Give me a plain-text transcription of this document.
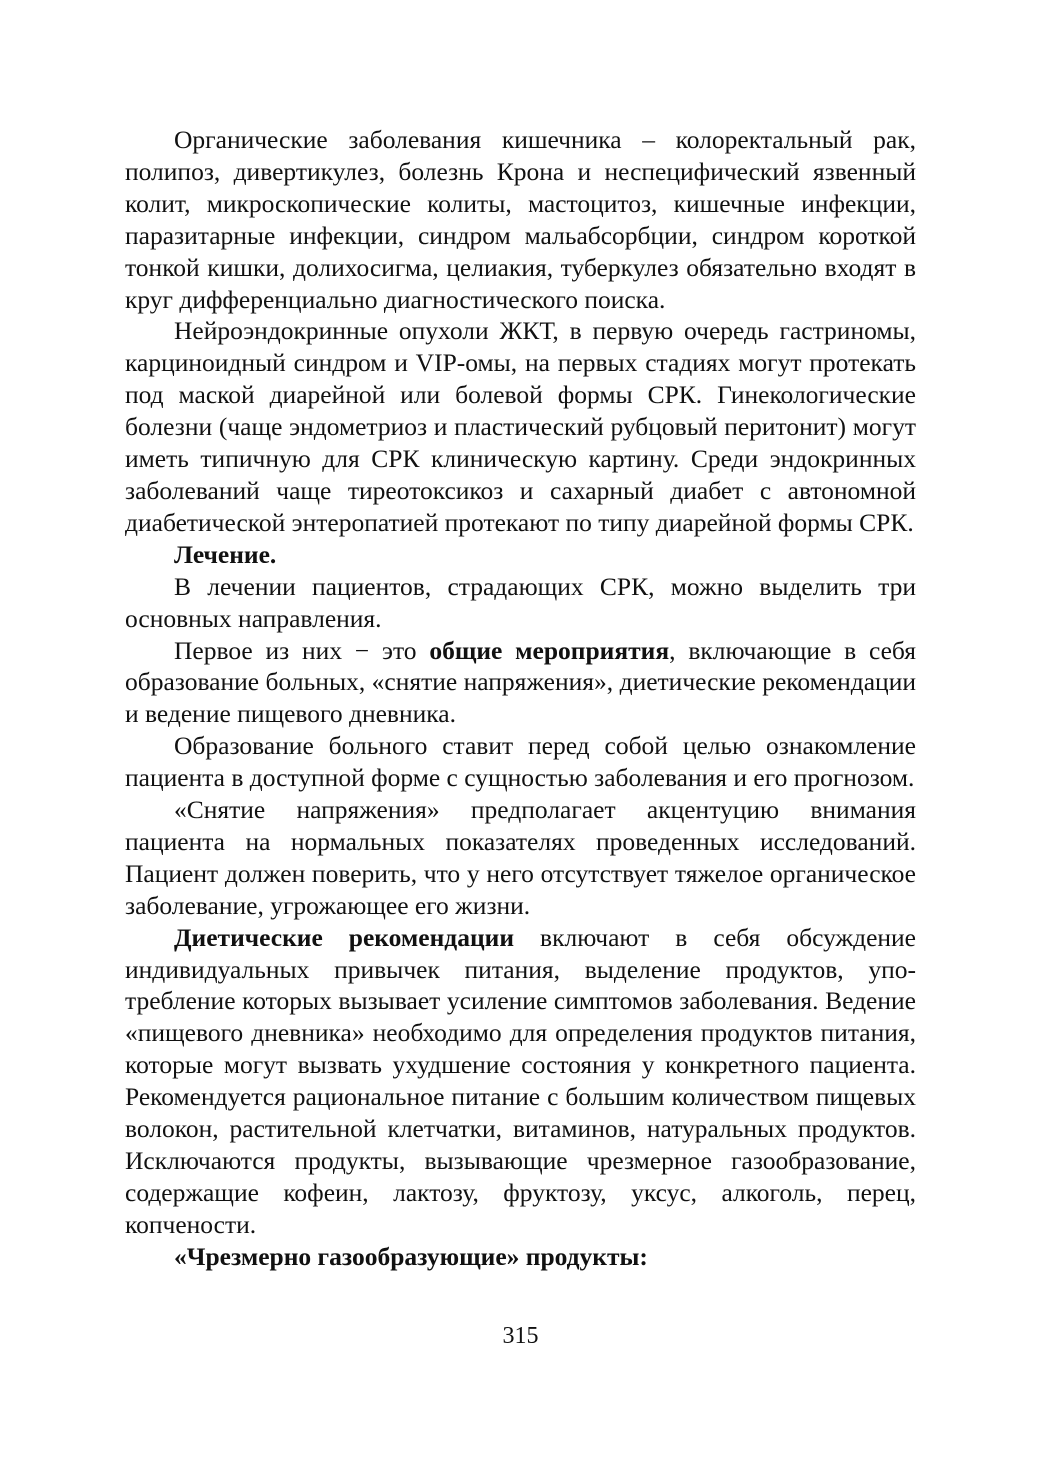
Органические заболевания кишечника – колоректальный рак, полипоз, дивертикулез, болезнь Крона и неспецифический язвенный колит, микроскопические колиты, мастоцитоз, кишечные инфекции, паразитарные инфекции, синдром мальабсорбции, синдром короткой тонкой кишки, долихосигма, целиакия, туберкулез обязательно входят в круг дифференциально диагностического поиска.

Нейроэндокринные опухоли ЖКТ, в первую очередь гастриномы, карциноидный синдром и VIP-омы, на первых стадиях могут протекать под маской диарейной или болевой формы СРК. Гинекологические болезни (чаще эндометриоз и пластический рубцовый перитонит) могут иметь типичную для СРК клиническую картину. Среди эндокринных заболеваний чаще тиреотоксикоз и сахарный диабет с автономной диабетической энтеропатией протекают по типу диарейной формы СРК.

Лечение.

В лечении пациентов, страдающих СРК, можно выделить три основных направления.

Первое из них − это общие мероприятия, включающие в себя образование больных, «снятие напряжения», диетические рекомендации и ведение пищевого дневника.

Образование больного ставит перед собой целью ознакомление пациента в доступной форме с сущностью заболевания и его прогнозом.

«Снятие напряжения» предполагает акцентуцию внимания пациента на нормальных показателях проведенных исследований. Пациент должен поверить, что у него отсутствует тяжелое органическое заболевание, угрожающее его жизни.

Диетические рекомендации включают в себя обсуждение индивидуальных привычек питания, выделение продуктов, употребление которых вызывает усиление симптомов заболевания. Ведение «пищевого дневника» необходимо для определения продуктов питания, которые могут вызвать ухудшение состояния у конкретного пациента. Рекомендуется рациональное питание с большим количеством пищевых волокон, растительной клетчатки, витаминов, натуральных продуктов. Исключаются продукты, вызывающие чрезмерное газообразование, содержащие кофеин, лактозу, фруктозу, уксус, алкоголь, перец, копчености.

«Чрезмерно газообразующие» продукты:

315
